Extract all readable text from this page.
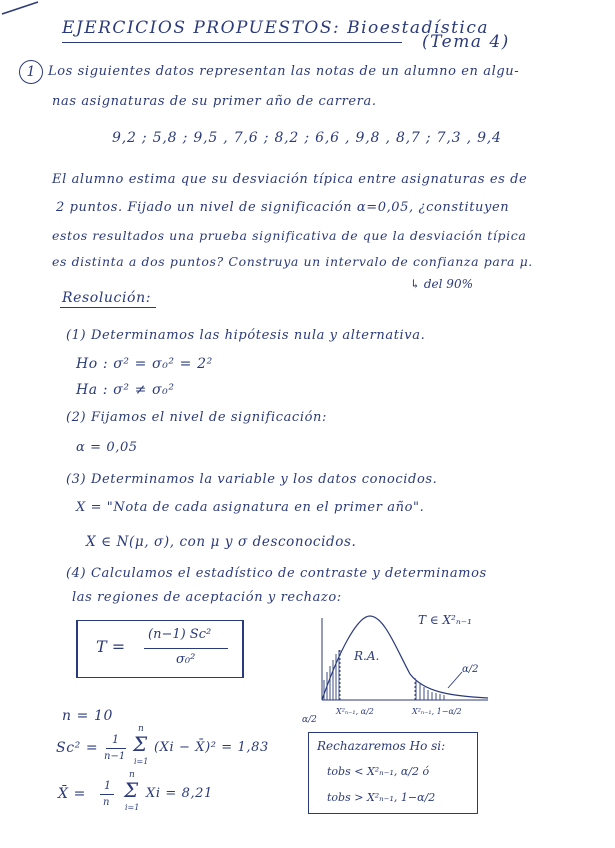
EJERCICIOS PROPUESTOS: Bioestadística
(Tema 4)
1 Los siguientes datos representan las notas de un alumno en algu-
nas asignaturas de su primer año de carrera.
9,2 ; 5,8 ; 9,5 , 7,6 ; 8,2 ; 6,6 , 9,8 , 8,7 ; 7,3 , 9,4
El alumno estima que su desviación típica entre asignaturas es de
2 puntos. Fijado un nivel de significación α=0,05, ¿constituyen
estos resultados una prueba significativa de que la desviación típica
es distinta a dos puntos? Construya un intervalo de confianza para μ.
↳ del 90%
Resolución:
(1) Determinamos las hipótesis nula y alternativa.
Ho : σ² = σ₀² = 2²
Ha : σ² ≠ σ₀²
(2) Fijamos el nivel de significación:
α = 0,05
(3) Determinamos la variable y los datos conocidos.
X = "Nota de cada asignatura en el primer año".
X ∈ N(μ, σ), con μ y σ desconocidos.
(4) Calculamos el estadístico de contraste y determinamos
las regiones de aceptación y rechazo:
T =
(n−1) Sc²
σ₀²
T ∈ X²ₙ₋₁
R.A.
α/2
α/2
X²ₙ₋₁, α/2	X²ₙ₋₁, 1−α/2
n = 10
Sc² =
1
n−1
n
Σ
i=1
(Xi − X̄)² = 1,83
X̄ =
1
n
n
Σ
i=1
Xi = 8,21
Rechazaremos Ho si:
tobs < X²ₙ₋₁, α/2 ó
tobs > X²ₙ₋₁, 1−α/2
